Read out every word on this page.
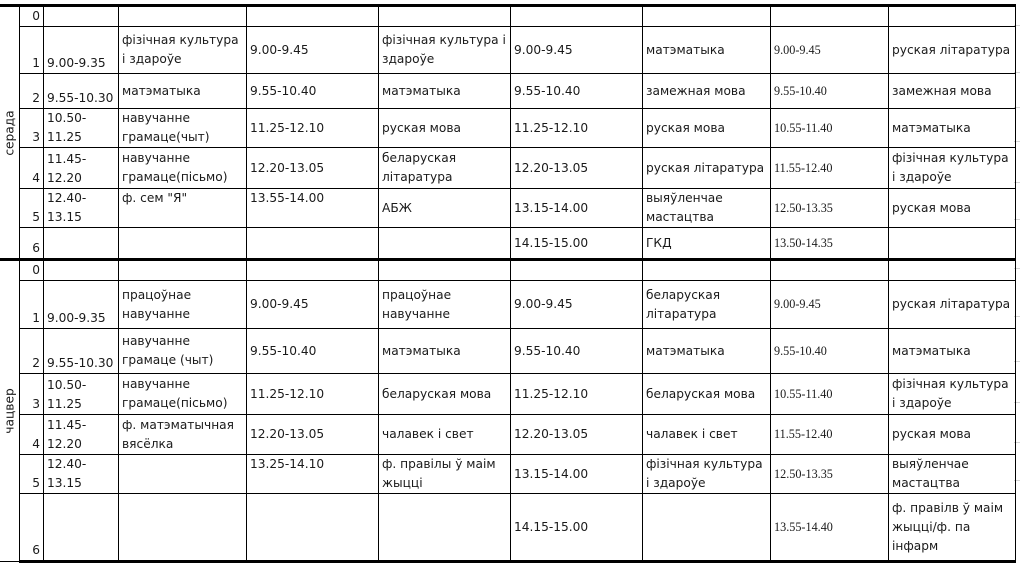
серада	0								
	1	9.00-9.35	фізічная культура і здароўе	9.00-9.45	фізічная культура і здароўе	9.00-9.45	матэматыка	9.00-9.45	руская літаратура
	2	9.55-10.30	матэматыка	9.55-10.40	матэматыка	9.55-10.40	замежная мова	9.55-10.40	замежная мова
	3	10.50-11.25	навучанне грамаце(чыт)	11.25-12.10	руская мова	11.25-12.10	руская мова	10.55-11.40	матэматыка
	4	11.45-12.20	навучанне грамаце(пісьмо)	12.20-13.05	беларуская літаратура	12.20-13.05	руская літаратура	11.55-12.40	фізічная культура і здароўе
	5	12.40-13.15	ф. сем "Я"	13.55-14.00	АБЖ	13.15-14.00	выяўленчае мастацтва	12.50-13.35	руская мова
	6					14.15-15.00	ГКД	13.50-14.35	

чацвер	0								
	1	9.00-9.35	працоўнае навучанне	9.00-9.45	працоўнае навучанне	9.00-9.45	беларуская літаратура	9.00-9.45	руская літаратура
	2	9.55-10.30	навучанне грамаце (чыт)	9.55-10.40	матэматыка	9.55-10.40	матэматыка	9.55-10.40	матэматыка
	3	10.50-11.25	навучанне грамаце(пісьмо)	11.25-12.10	беларуская мова	11.25-12.10	беларуская мова	10.55-11.40	фізічная культура і здароўе
	4	11.45-12.20	ф. матэматычная вясёлка	12.20-13.05	чалавек і свет	12.20-13.05	чалавек і свет	11.55-12.40	руская мова
	5	12.40-13.15		13.25-14.10	ф. правілы ў маім жыцці	13.15-14.00	фізічная культура і здароўе	12.50-13.35	выяўленчае мастацтва
	6					14.15-15.00		13.55-14.40	ф. правілв ў маім жыцці/ф. па інфарм
